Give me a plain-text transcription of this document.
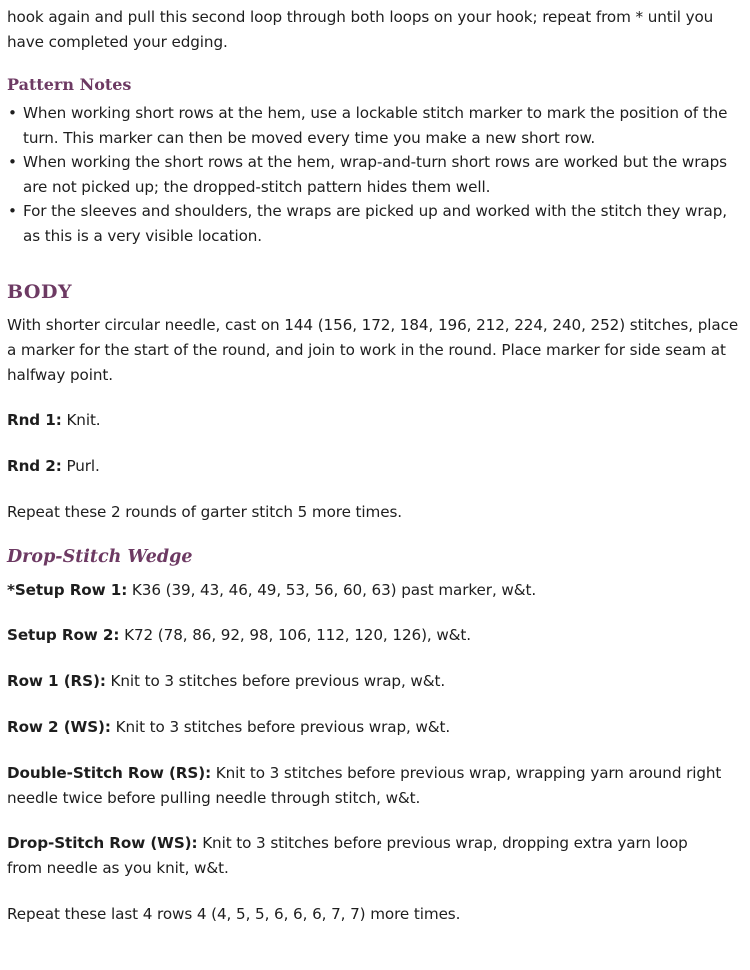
hook again and pull this second loop through both loops on your hook; repeat from * until you have completed your edging.

Pattern Notes
• When working short rows at the hem, use a lockable stitch marker to mark the position of the turn. This marker can then be moved every time you make a new short row.
• When working the short rows at the hem, wrap-and-turn short rows are worked but the wraps are not picked up; the dropped-stitch pattern hides them well.
• For the sleeves and shoulders, the wraps are picked up and worked with the stitch they wrap, as this is a very visible location.
BODY

With shorter circular needle, cast on 144 (156, 172, 184, 196, 212, 224, 240, 252) stitches, place a marker for the start of the round, and join to work in the round. Place marker for side seam at halfway point.

Rnd 1: Knit.

Rnd 2: Purl.

Repeat these 2 rounds of garter stitch 5 more times.

Drop-Stitch Wedge

*Setup Row 1: K36 (39, 43, 46, 49, 53, 56, 60, 63) past marker, w&t.

Setup Row 2: K72 (78, 86, 92, 98, 106, 112, 120, 126), w&t.

Row 1 (RS): Knit to 3 stitches before previous wrap, w&t.

Row 2 (WS): Knit to 3 stitches before previous wrap, w&t.

Double-Stitch Row (RS): Knit to 3 stitches before previous wrap, wrapping yarn around right needle twice before pulling needle through stitch, w&t.

Drop-Stitch Row (WS): Knit to 3 stitches before previous wrap, dropping extra yarn loop from needle as you knit, w&t.

Repeat these last 4 rows 4 (4, 5, 5, 6, 6, 6, 7, 7) more times.
